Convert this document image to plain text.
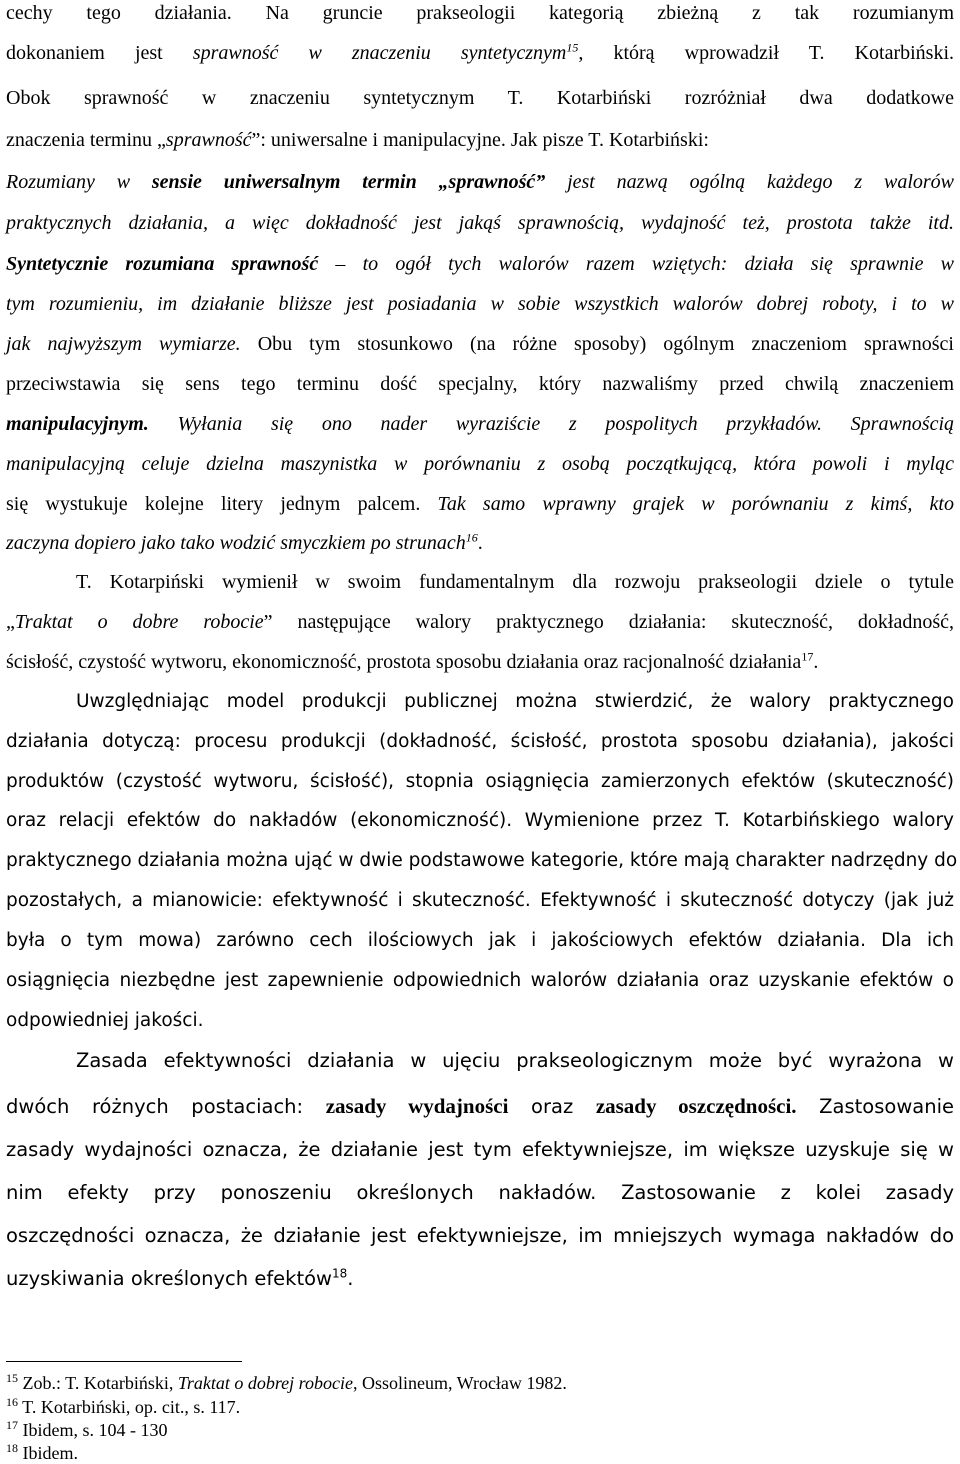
cechy tego działania. Na gruncie prakseologii kategorią zbieżną z tak rozumianym
dokonaniem jest sprawność w znaczeniu syntetycznym$^{15}$, którą wprowadził T. Kotarbiński.
Obok sprawność w znaczeniu syntetycznym T. Kotarbiński rozróżniał dwa dodatkowe
znaczenia terminu „sprawność”: uniwersalne i manipulacyjne. Jak pisze T. Kotarbiński:
Rozumiany w sensie uniwersalnym termin „sprawność” jest nazwą ogólną każdego z walorów
praktycznych działania, a więc dokładność jest jakąś sprawnością, wydajność też, prostota także itd.
Syntetycznie rozumiana sprawność – to ogół tych walorów razem wziętych: działa się sprawnie w
tym rozumieniu, im działanie bliższe jest posiadania w sobie wszystkich walorów dobrej roboty, i to w
jak najwyższym wymiarze. Obu tym stosunkowo (na różne sposoby) ogólnym znaczeniom sprawności
przeciwstawia się sens tego terminu dość specjalny, który nazwaliśmy przed chwilą znaczeniem
manipulacyjnym. Wyłania się ono nader wyraziście z pospolitych przykładów. Sprawnością
manipulacyjną celuje dzielna maszynistka w porównaniu z osobą początkującą, która powoli i myląc
się wystukuje kolejne litery jednym palcem. Tak samo wprawny grajek w porównaniu z kimś, kto
zaczyna dopiero jako tako wodzić smyczkiem po strunach$^{16}$.
T. Kotarpiński wymienił w swoim fundamentalnym dla rozwoju prakseologii dziele o tytule
„Traktat o dobre robocie” następujące walory praktycznego działania: skuteczność, dokładność,
ścisłość, czystość wytworu, ekonomiczność, prostota sposobu działania oraz racjonalność działania$^{17}$.
Uwzględniając model produkcji publicznej można stwierdzić, że walory praktycznego
działania dotyczą: procesu produkcji (dokładność, ścisłość, prostota sposobu działania), jakości
produktów (czystość wytworu, ścisłość), stopnia osiągnięcia zamierzonych efektów (skuteczność)
oraz relacji efektów do nakładów (ekonomiczność). Wymienione przez T. Kotarbińskiego walory
praktycznego działania można ująć w dwie podstawowe kategorie, które mają charakter nadrzędny do
pozostałych, a mianowicie: efektywność i skuteczność. Efektywność i skuteczność dotyczy (jak już
była o tym mowa) zarówno cech ilościowych jak i jakościowych efektów działania. Dla ich
osiągnięcia niezbędne jest zapewnienie odpowiednich walorów działania oraz uzyskanie efektów o
odpowiedniej jakości.
Zasada efektywności działania w ujęciu prakseologicznym może być wyrażona w
dwóch różnych postaciach: zasady wydajności oraz zasady oszczędności. Zastosowanie
zasady wydajności oznacza, że działanie jest tym efektywniejsze, im większe uzyskuje się w
nim efekty przy ponoszeniu określonych nakładów. Zastosowanie z kolei zasady
oszczędności oznacza, że działanie jest efektywniejsze, im mniejszych wymaga nakładów do
uzyskiwania określonych efektów$^{18}$.
$^{15}$ Zob.: T. Kotarbiński, Traktat o dobrej robocie, Ossolineum, Wrocław 1982.
$^{16}$ T. Kotarbiński, op. cit., s. 117.
$^{17}$ Ibidem, s. 104 - 130
$^{18}$ Ibidem.
